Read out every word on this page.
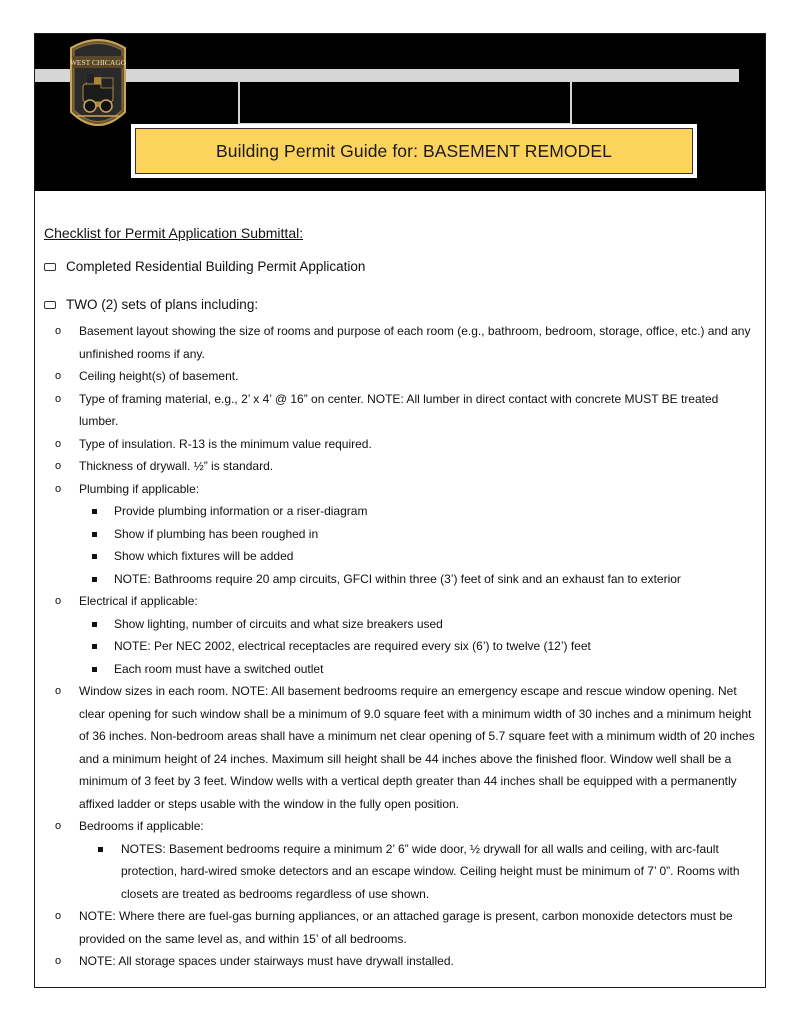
WEST CHICAGO
Building Permit Guide for: BASEMENT REMODEL

Checklist for Permit Application Submittal:

Completed Residential Building Permit Application
TWO (2) sets of plans including:
o Basement layout showing the size of rooms and purpose of each room (e.g., bathroom, bedroom, storage, office, etc.) and any unfinished rooms if any.
o Ceiling height(s) of basement.
o Type of framing material, e.g., 2’ x 4’ @ 16” on center. NOTE: All lumber in direct contact with concrete MUST BE treated lumber.
o Type of insulation. R-13 is the minimum value required.
o Thickness of drywall. ½” is standard.
o Plumbing if applicable:
Provide plumbing information or a riser-diagram
Show if plumbing has been roughed in
Show which fixtures will be added
NOTE: Bathrooms require 20 amp circuits, GFCI within three (3’) feet of sink and an exhaust fan to exterior
o Electrical if applicable:
Show lighting, number of circuits and what size breakers used
NOTE: Per NEC 2002, electrical receptacles are required every six (6’) to twelve (12’) feet
Each room must have a switched outlet
o Window sizes in each room. NOTE: All basement bedrooms require an emergency escape and rescue window opening. Net clear opening for such window shall be a minimum of 9.0 square feet with a minimum width of 30 inches and a minimum height of 36 inches. Non-bedroom areas shall have a minimum net clear opening of 5.7 square feet with a minimum width of 20 inches and a minimum height of 24 inches. Maximum sill height shall be 44 inches above the finished floor. Window well shall be a minimum of 3 feet by 3 feet. Window wells with a vertical depth greater than 44 inches shall be equipped with a permanently affixed ladder or steps usable with the window in the fully open position.
o Bedrooms if applicable:
NOTES: Basement bedrooms require a minimum 2’ 6” wide door, ½ drywall for all walls and ceiling, with arc-fault protection, hard-wired smoke detectors and an escape window. Ceiling height must be minimum of 7’ 0”. Rooms with closets are treated as bedrooms regardless of use shown.
o NOTE: Where there are fuel-gas burning appliances, or an attached garage is present, carbon monoxide detectors must be provided on the same level as, and within 15’ of all bedrooms.
o NOTE: All storage spaces under stairways must have drywall installed.
